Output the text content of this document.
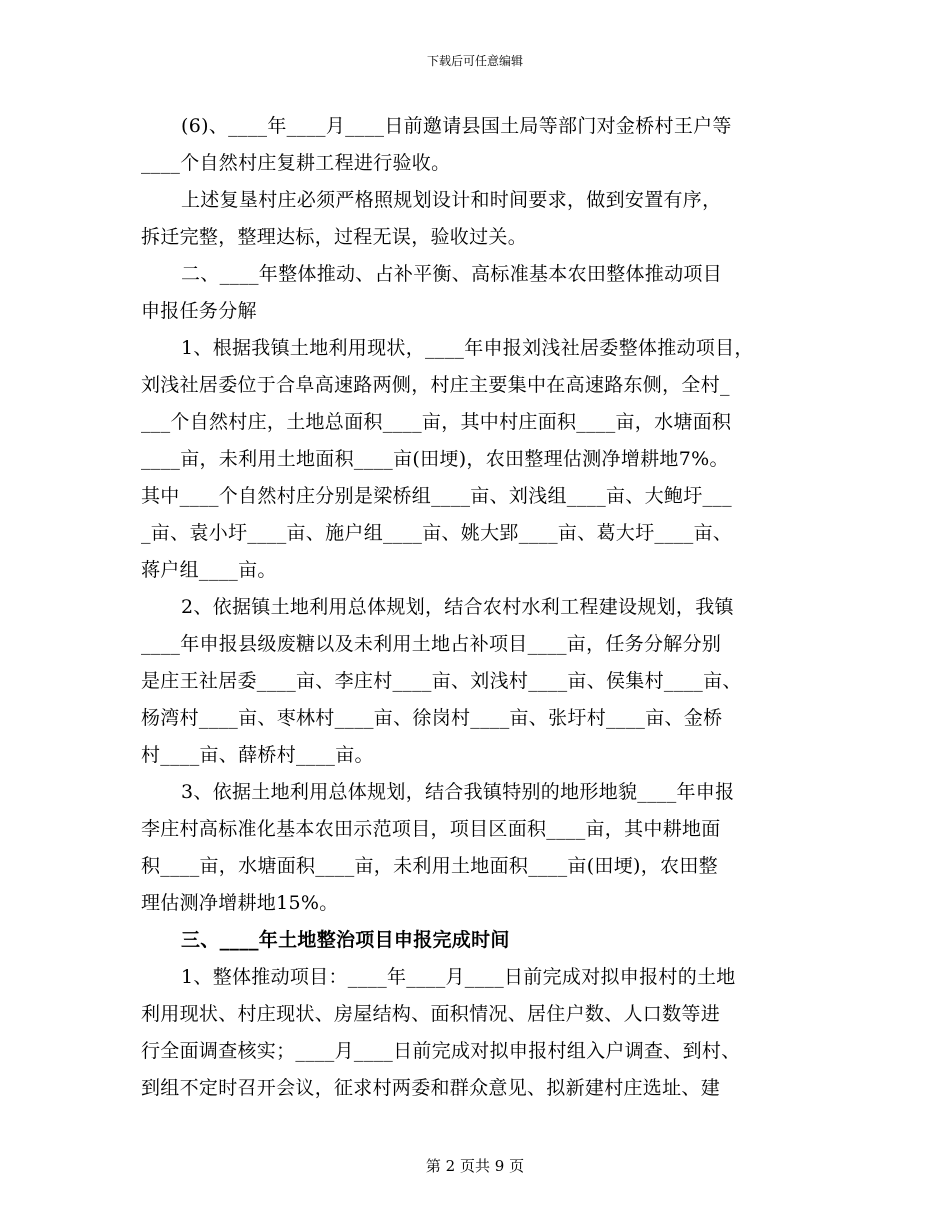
下载后可任意编辑
(6)、____年____月____日前邀请县国土局等部门对金桥村王户等
____个自然村庄复耕工程进行验收。
上述复垦村庄必须严格照规划设计和时间要求，做到安置有序，
拆迁完整，整理达标，过程无误，验收过关。
二、____年整体推动、占补平衡、高标准基本农田整体推动项目
申报任务分解
1、根据我镇土地利用现状，____年申报刘浅社居委整体推动项目，
刘浅社居委位于合阜高速路两侧，村庄主要集中在高速路东侧，全村_
___个自然村庄，土地总面积____亩，其中村庄面积____亩，水塘面积
____亩，未利用土地面积____亩(田埂)，农田整理估测净增耕地7%。
其中____个自然村庄分别是梁桥组____亩、刘浅组____亩、大鲍圩___
_亩、袁小圩____亩、施户组____亩、姚大郢____亩、葛大圩____亩、
蒋户组____亩。
2、依据镇土地利用总体规划，结合农村水利工程建设规划，我镇
____年申报县级废糖以及未利用土地占补项目____亩，任务分解分别
是庄王社居委____亩、李庄村____亩、刘浅村____亩、侯集村____亩、
杨湾村____亩、枣林村____亩、徐岗村____亩、张圩村____亩、金桥
村____亩、薛桥村____亩。
3、依据土地利用总体规划，结合我镇特别的地形地貌____年申报
李庄村高标准化基本农田示范项目，项目区面积____亩，其中耕地面
积____亩，水塘面积____亩，未利用土地面积____亩(田埂)，农田整
理估测净增耕地15%。
三、____年土地整治项目申报完成时间
1、整体推动项目：____年____月____日前完成对拟申报村的土地
利用现状、村庄现状、房屋结构、面积情况、居住户数、人口数等进
行全面调查核实；____月____日前完成对拟申报村组入户调查、到村、
到组不定时召开会议，征求村两委和群众意见、拟新建村庄选址、建
第 2 页共 9 页
